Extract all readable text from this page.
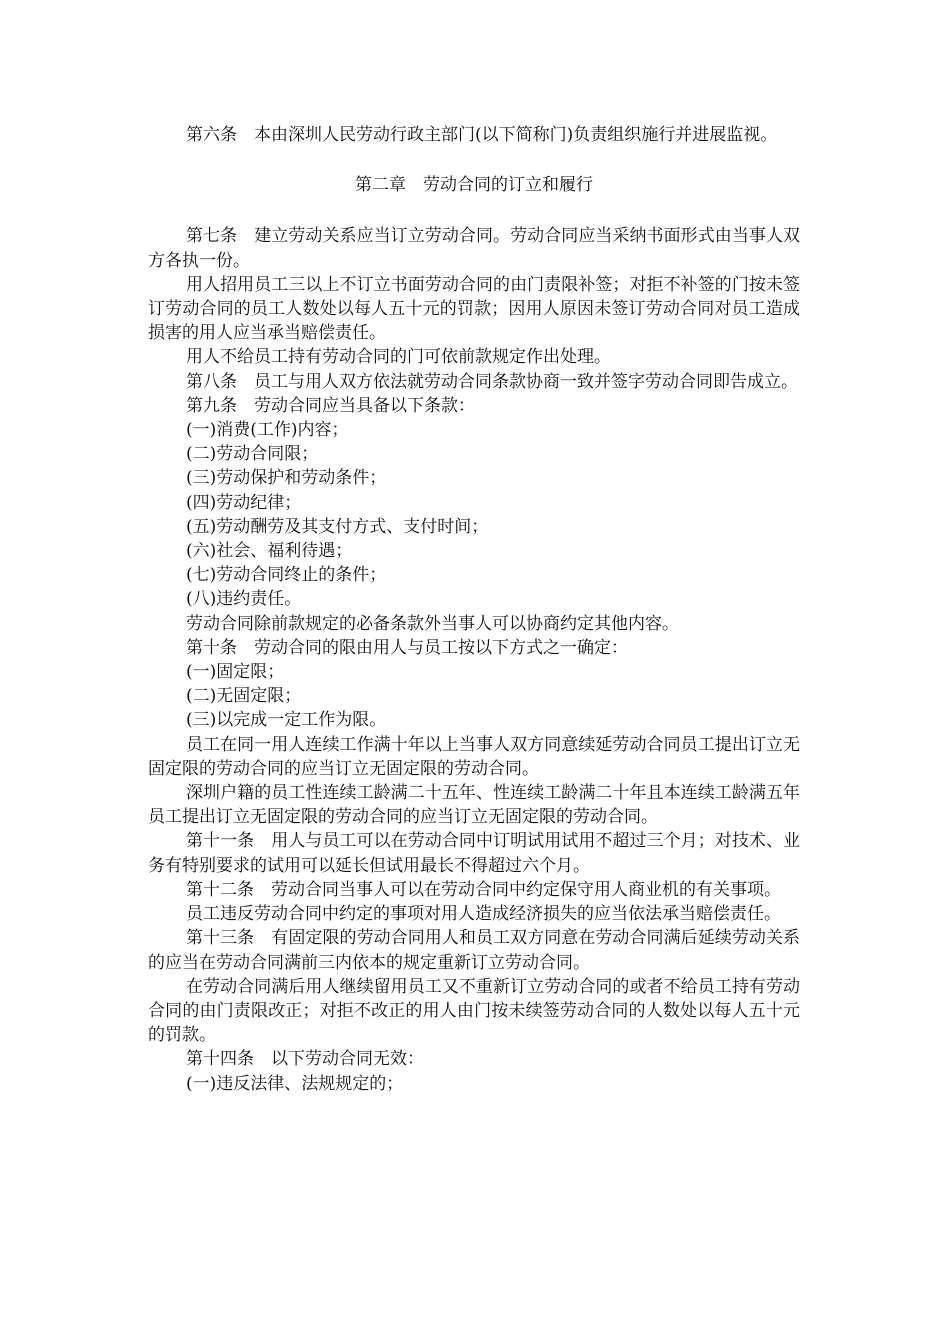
第六条　本由深圳人民劳动行政主部门(以下简称门)负责组织施行并进展监视。

第二章　劳动合同的订立和履行

第七条　建立劳动关系应当订立劳动合同。劳动合同应当采纳书面形式由当事人双方各执一份。

用人招用员工三以上不订立书面劳动合同的由门责限补签；对拒不补签的门按未签订劳动合同的员工人数处以每人五十元的罚款；因用人原因未签订劳动合同对员工造成损害的用人应当承当赔偿责任。

用人不给员工持有劳动合同的门可依前款规定作出处理。

第八条　员工与用人双方依法就劳动合同条款协商一致并签字劳动合同即告成立。

第九条　劳动合同应当具备以下条款：

(一)消费(工作)内容；

(二)劳动合同限；

(三)劳动保护和劳动条件；

(四)劳动纪律；

(五)劳动酬劳及其支付方式、支付时间；

(六)社会、福利待遇；

(七)劳动合同终止的条件；

(八)违约责任。

劳动合同除前款规定的必备条款外当事人可以协商约定其他内容。

第十条　劳动合同的限由用人与员工按以下方式之一确定：

(一)固定限；

(二)无固定限；

(三)以完成一定工作为限。

员工在同一用人连续工作满十年以上当事人双方同意续延劳动合同员工提出订立无固定限的劳动合同的应当订立无固定限的劳动合同。

深圳户籍的员工性连续工龄满二十五年、性连续工龄满二十年且本连续工龄满五年员工提出订立无固定限的劳动合同的应当订立无固定限的劳动合同。

第十一条　用人与员工可以在劳动合同中订明试用试用不超过三个月；对技术、业务有特别要求的试用可以延长但试用最长不得超过六个月。

第十二条　劳动合同当事人可以在劳动合同中约定保守用人商业机的有关事项。

员工违反劳动合同中约定的事项对用人造成经济损失的应当依法承当赔偿责任。

第十三条　有固定限的劳动合同用人和员工双方同意在劳动合同满后延续劳动关系的应当在劳动合同满前三内依本的规定重新订立劳动合同。

在劳动合同满后用人继续留用员工又不重新订立劳动合同的或者不给员工持有劳动合同的由门责限改正；对拒不改正的用人由门按未续签劳动合同的人数处以每人五十元的罚款。

第十四条　以下劳动合同无效：

(一)违反法律、法规规定的；
